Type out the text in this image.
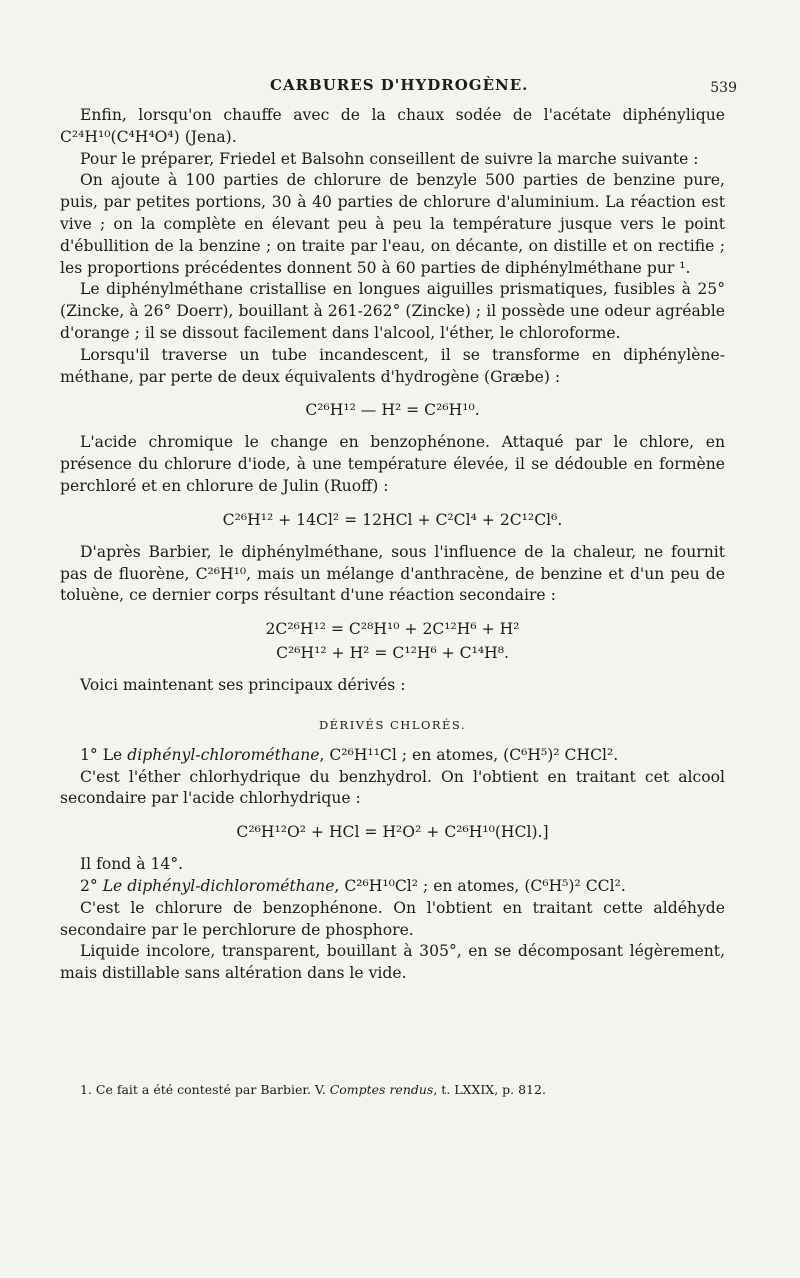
CARBURES D'HYDROGÈNE.	539

Enfin, lorsqu'on chauffe avec de la chaux sodée de l'acétate diphénylique C²⁴H¹⁰(C⁴H⁴O⁴) (Jena).

Pour le préparer, Friedel et Balsohn conseillent de suivre la marche suivante :

On ajoute à 100 parties de chlorure de benzyle 500 parties de benzine pure, puis, par petites portions, 30 à 40 parties de chlorure d'aluminium. La réaction est vive ; on la complète en élevant peu à peu la température jusque vers le point d'ébullition de la benzine ; on traite par l'eau, on décante, on distille et on rectifie ; les proportions précédentes donnent 50 à 60 parties de diphénylméthane pur ¹.

Le diphénylméthane cristallise en longues aiguilles prismatiques, fusibles à 25° (Zincke, à 26° Doerr), bouillant à 261-262° (Zincke) ; il possède une odeur agréable d'orange ; il se dissout facilement dans l'alcool, l'éther, le chloroforme.

Lorsqu'il traverse un tube incandescent, il se transforme en diphénylène-méthane, par perte de deux équivalents d'hydrogène (Græbe) :

C²⁶H¹² — H² = C²⁶H¹⁰.

L'acide chromique le change en benzophénone. Attaqué par le chlore, en présence du chlorure d'iode, à une température élevée, il se dédouble en formène perchloré et en chlorure de Julin (Ruoff) :

C²⁶H¹² + 14Cl² = 12HCl + C²Cl⁴ + 2C¹²Cl⁶.

D'après Barbier, le diphénylméthane, sous l'influence de la chaleur, ne fournit pas de fluorène, C²⁶H¹⁰, mais un mélange d'anthracène, de benzine et d'un peu de toluène, ce dernier corps résultant d'une réaction secondaire :

2C²⁶H¹² = C²⁸H¹⁰ + 2C¹²H⁶ + H²
C²⁶H¹² + H² = C¹²H⁶ + C¹⁴H⁸.

Voici maintenant ses principaux dérivés :

DÉRIVÉS CHLORÉS.

1° Le diphényl-chlorométhane, C²⁶H¹¹Cl ; en atomes, (C⁶H⁵)² CHCl².

C'est l'éther chlorhydrique du benzhydrol. On l'obtient en traitant cet alcool secondaire par l'acide chlorhydrique :

C²⁶H¹²O² + HCl = H²O² + C²⁶H¹⁰(HCl).]

Il fond à 14°.

2° Le diphényl-dichlorométhane, C²⁶H¹⁰Cl² ; en atomes, (C⁶H⁵)² CCl².

C'est le chlorure de benzophénone. On l'obtient en traitant cette aldéhyde secondaire par le perchlorure de phosphore.

Liquide incolore, transparent, bouillant à 305°, en se décomposant légèrement, mais distillable sans altération dans le vide.

1. Ce fait a été contesté par Barbier. V. Comptes rendus, t. LXXIX, p. 812.
